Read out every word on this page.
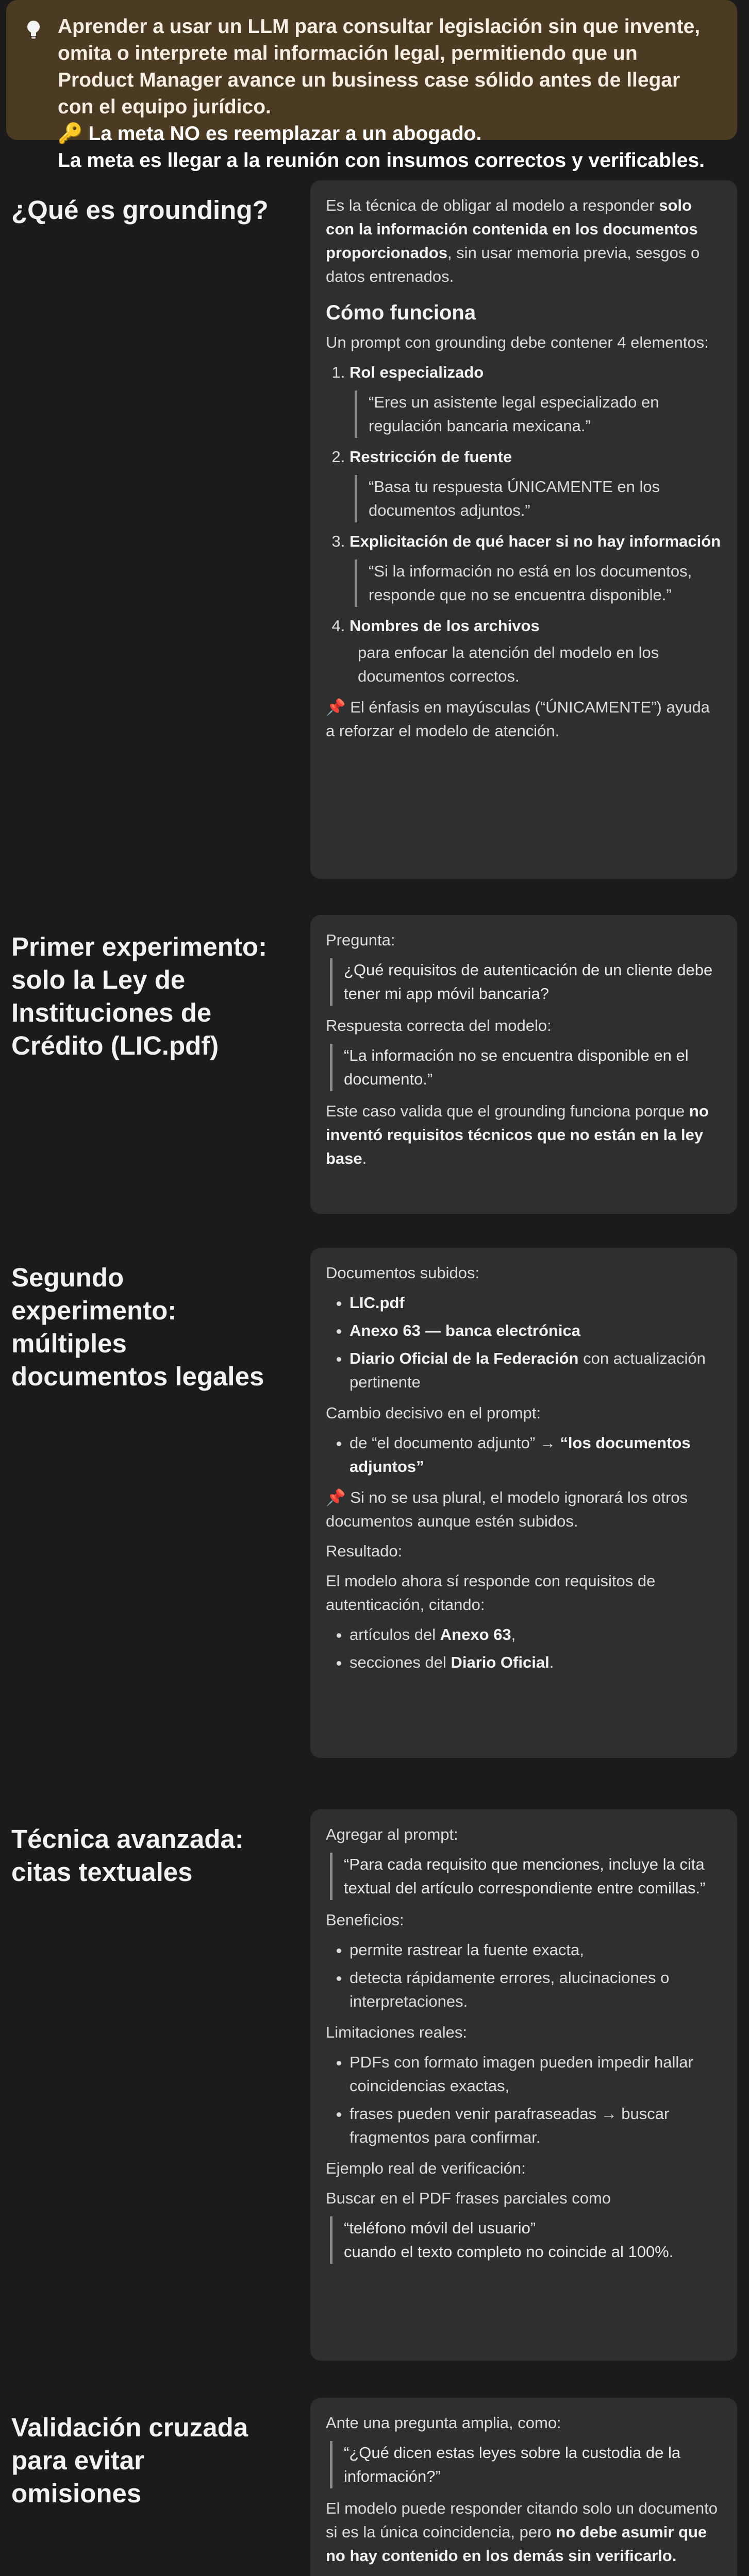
Aprender a usar un LLM para consultar legislación sin que invente, omita o interprete mal información legal, permitiendo que un Product Manager avance un business case sólido antes de llegar con el equipo jurídico.

🔑 La meta NO es reemplazar a un abogado.

La meta es llegar a la reunión con insumos correctos y verificables.

¿Qué es grounding?	Es la técnica de obligar al modelo a responder solo con la información contenida en los documentos proporcionados, sin usar memoria previa, sesgos o datos entrenados.

Cómo funciona

Un prompt con grounding debe contener 4 elementos:

1. Rol especializado
“Eres un asistente legal especializado en regulación bancaria mexicana.”
2. Restricción de fuente
“Basa tu respuesta ÚNICAMENTE en los documentos adjuntos.”
3. Explicitación de qué hacer si no hay información
“Si la información no está en los documentos, responde que no se encuentra disponible.”
4. Nombres de los archivos
para enfocar la atención del modelo en los documentos correctos.

📌 El énfasis en mayúsculas (“ÚNICAMENTE”) ayuda a reforzar el modelo de atención.

Primer experimento: solo la Ley de Instituciones de Crédito (LIC.pdf)

Pregunta:

¿Qué requisitos de autenticación de un cliente debe tener mi app móvil bancaria?

Respuesta correcta del modelo:

“La información no se encuentra disponible en el documento.”

Este caso valida que el grounding funciona porque no inventó requisitos técnicos que no están en la ley base.

Segundo experimento: múltiples documentos legales

Documentos subidos:

• LIC.pdf
• Anexo 63 — banca electrónica
• Diario Oficial de la Federación con actualización pertinente

Cambio decisivo en el prompt:

• de “el documento adjunto” → “los documentos adjuntos”

📌 Si no se usa plural, el modelo ignorará los otros documentos aunque estén subidos.

Resultado:

El modelo ahora sí responde con requisitos de autenticación, citando:

• artículos del Anexo 63,
• secciones del Diario Oficial.
Técnica avanzada: citas textuales

Agregar al prompt:

“Para cada requisito que menciones, incluye la cita textual del artículo correspondiente entre comillas.”

Beneficios:

• permite rastrear la fuente exacta,
• detecta rápidamente errores, alucinaciones o interpretaciones.

Limitaciones reales:

• PDFs con formato imagen pueden impedir hallar coincidencias exactas,
• frases pueden venir parafraseadas → buscar fragmentos para confirmar.

Ejemplo real de verificación:

Buscar en el PDF frases parciales como

“teléfono móvil del usuario”
cuando el texto completo no coincide al 100%.
Validación cruzada para evitar omisiones

Ante una pregunta amplia, como:

“¿Qué dicen estas leyes sobre la custodia de la información?”

El modelo puede responder citando solo un documento si es la única coincidencia, pero no debe asumir que no hay contenido en los demás sin verificarlo.
